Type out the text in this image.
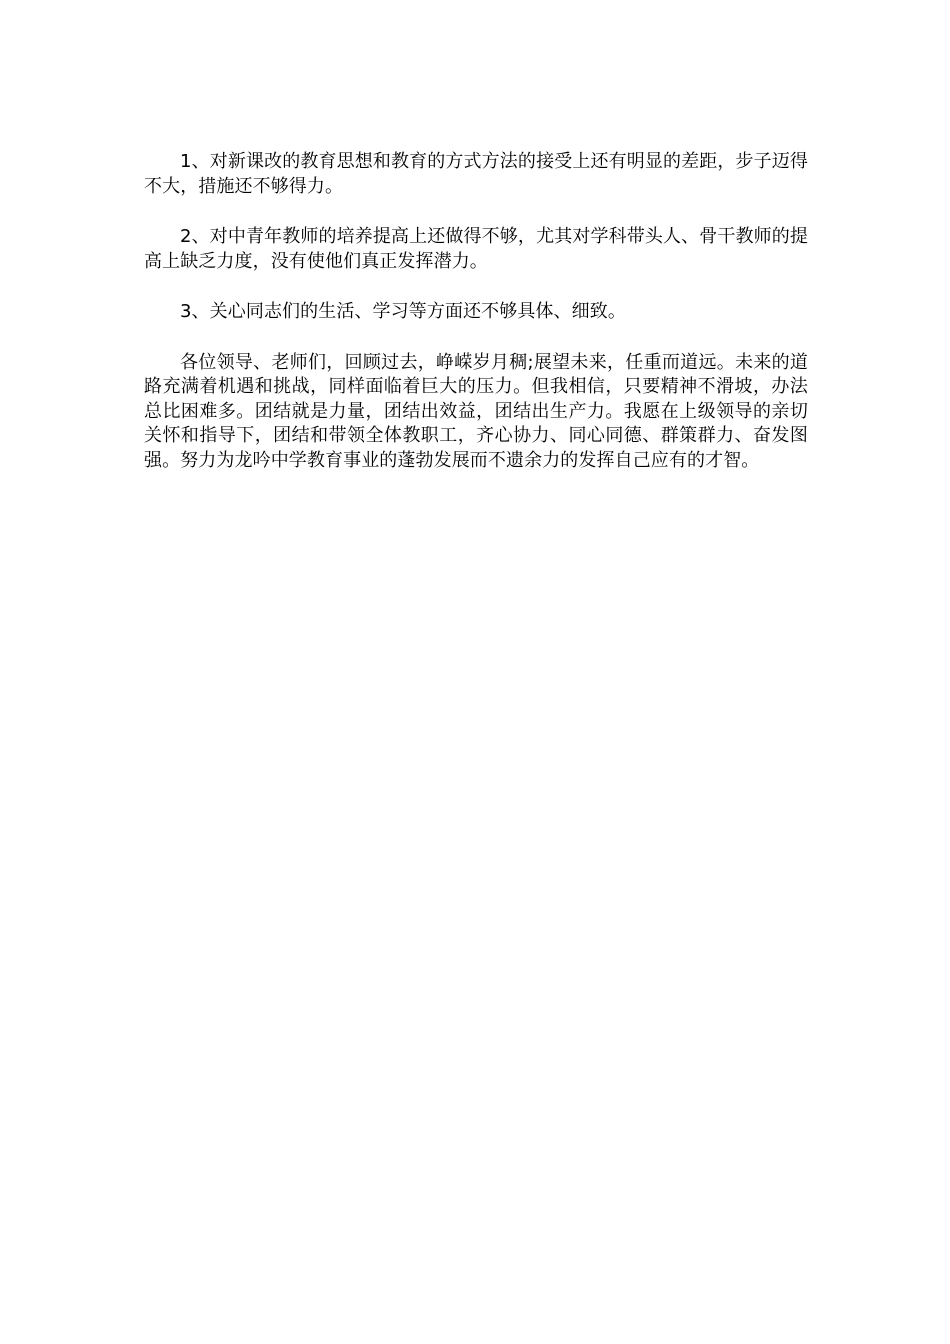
1、对新课改的教育思想和教育的方式方法的接受上还有明显的差距，步子迈得不大，措施还不够得力。

2、对中青年教师的培养提高上还做得不够，尤其对学科带头人、骨干教师的提高上缺乏力度，没有使他们真正发挥潜力。

3、关心同志们的生活、学习等方面还不够具体、细致。

各位领导、老师们，回顾过去，峥嵘岁月稠;展望未来，任重而道远。未来的道路充满着机遇和挑战，同样面临着巨大的压力。但我相信，只要精神不滑坡，办法总比困难多。团结就是力量，团结出效益，团结出生产力。我愿在上级领导的亲切关怀和指导下，团结和带领全体教职工，齐心协力、同心同德、群策群力、奋发图强。努力为龙吟中学教育事业的蓬勃发展而不遗余力的发挥自己应有的才智。
